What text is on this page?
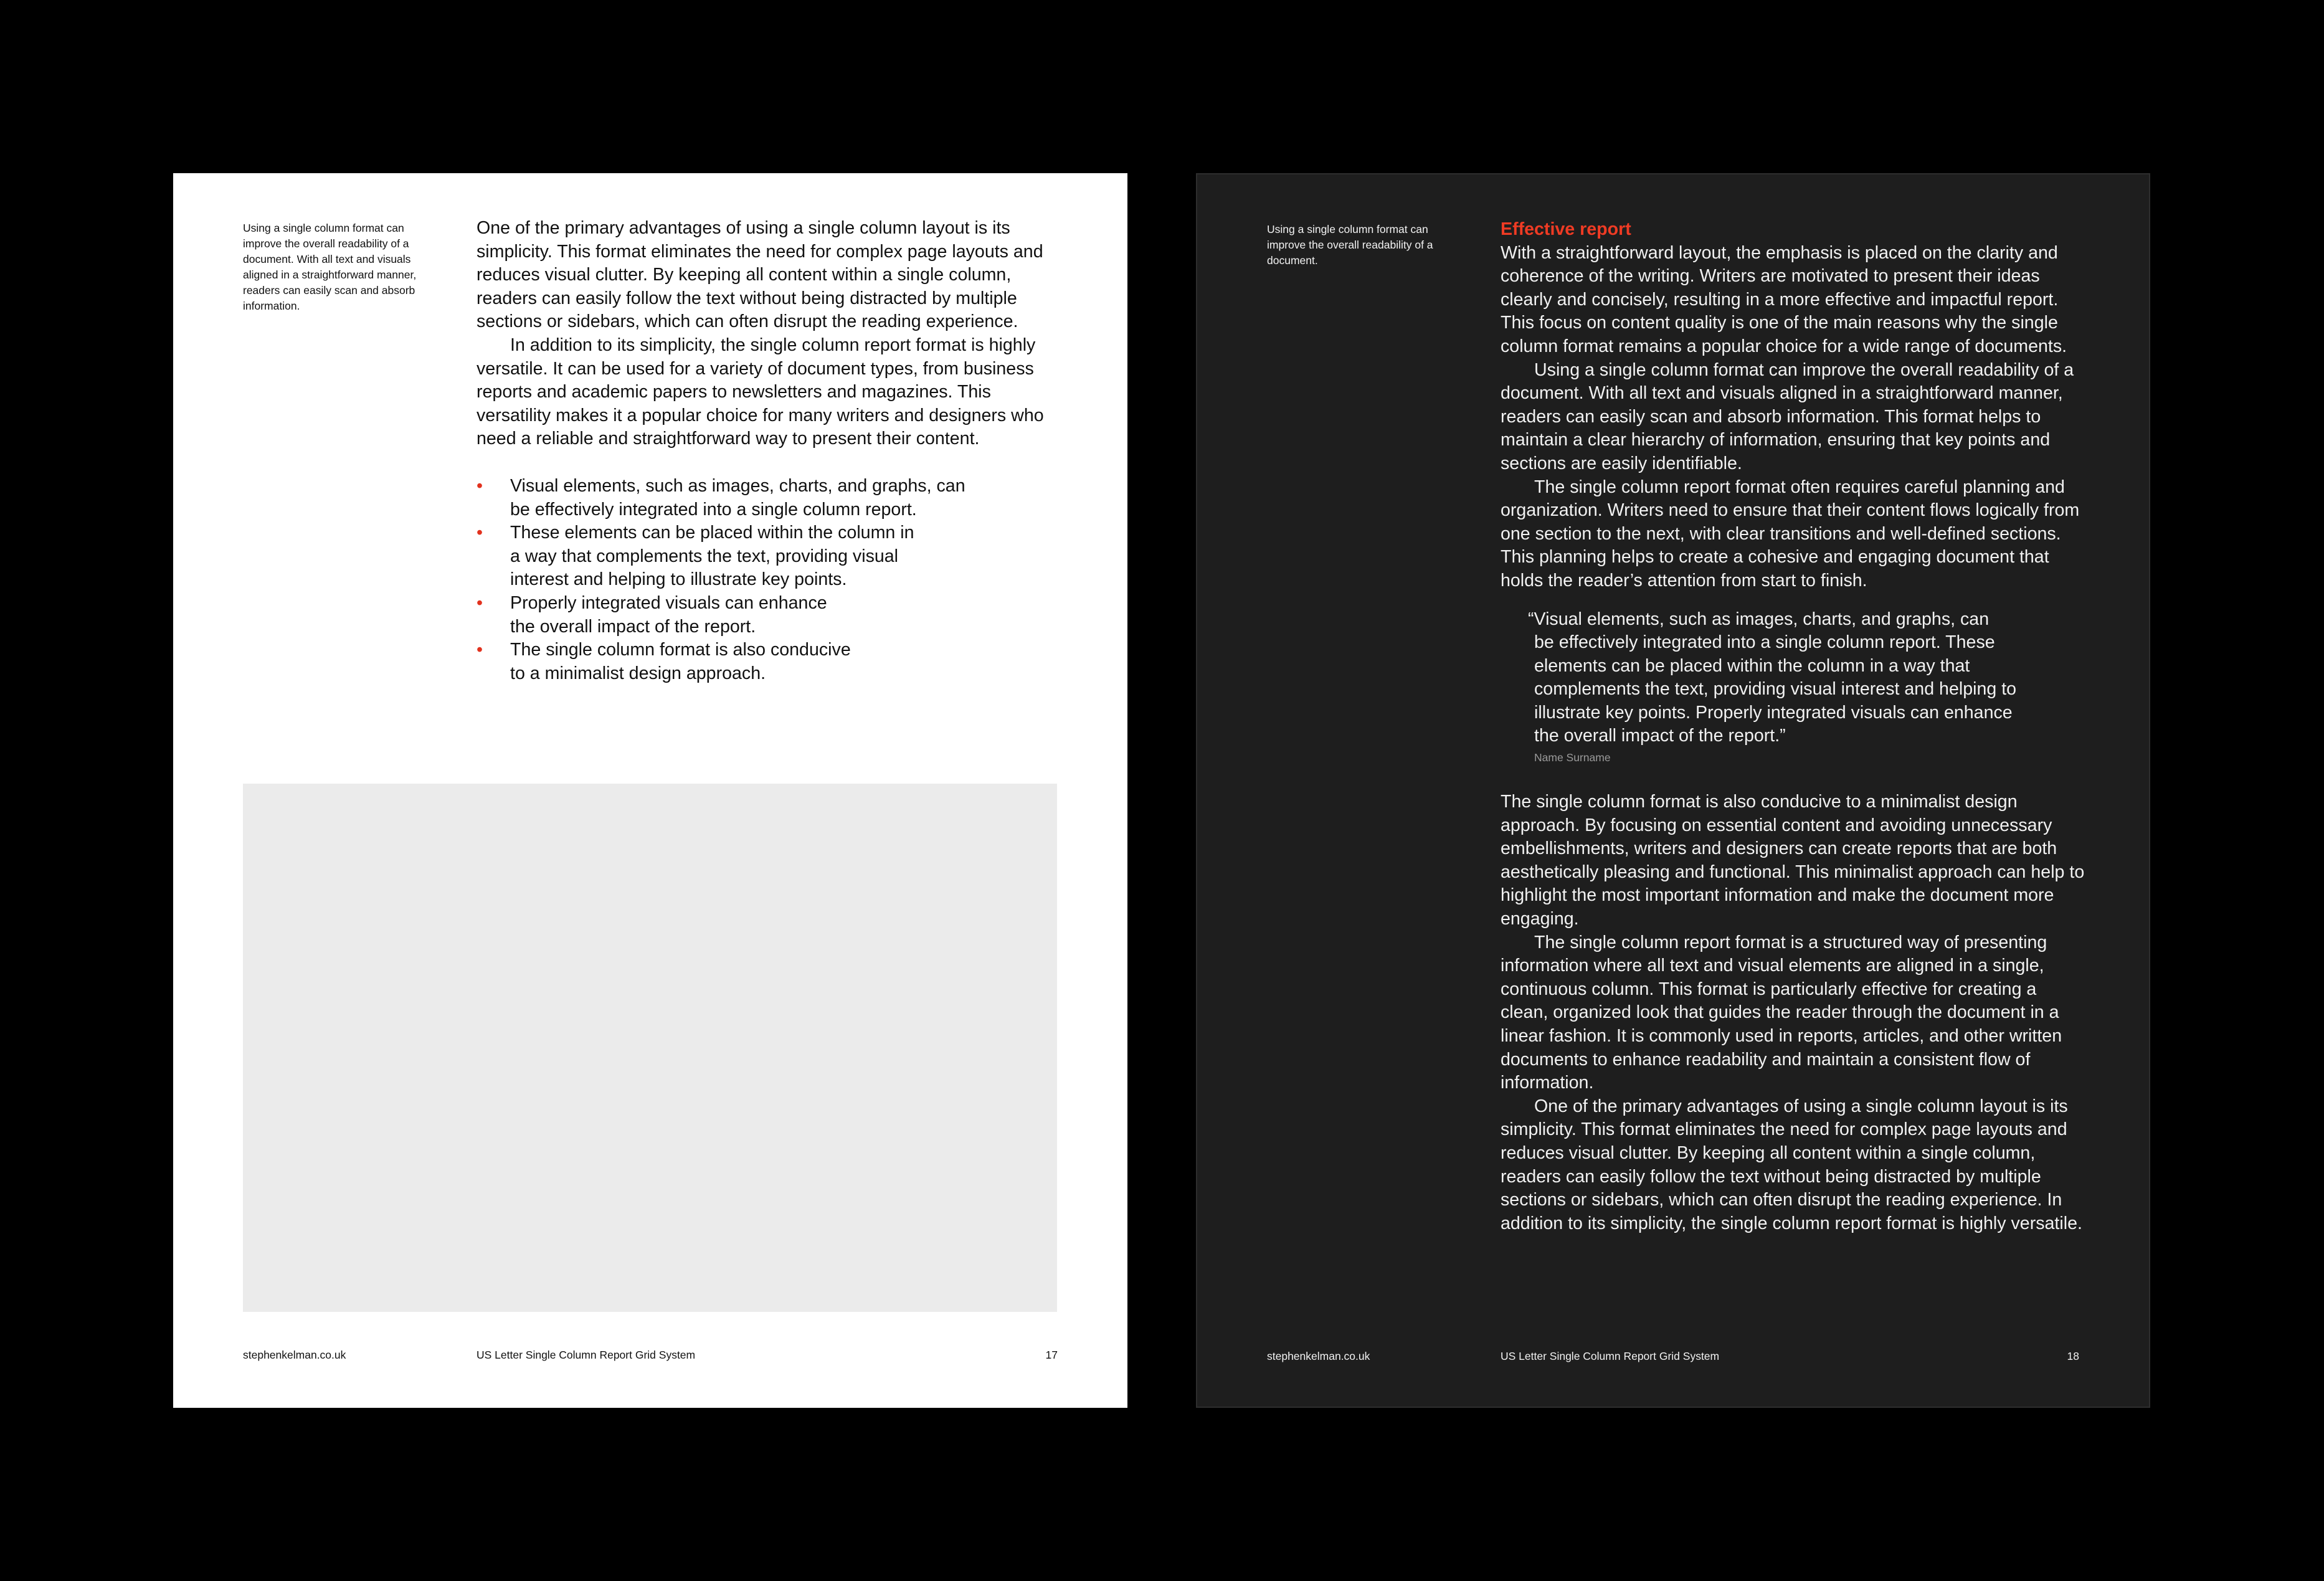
Using a single column format can improve the overall readability of a document. With all text and visuals aligned in a straightforward manner, readers can easily scan and absorb information.

One of the primary advantages of using a single column layout is its simplicity. This format eliminates the need for complex page layouts and reduces visual clutter. By keeping all content within a single column, readers can easily follow the text without being distracted by multiple sections or sidebars, which can often disrupt the reading experience.

In addition to its simplicity, the single column report format is highly versatile. It can be used for a variety of document types, from business reports and academic papers to newsletters and magazines. This versatility makes it a popular choice for many writers and designers who need a reliable and straightforward way to present their content.

• Visual elements, such as images, charts, and graphs, can
be effectively integrated into a single column report.
• These elements can be placed within the column in
a way that complements the text, providing visual
interest and helping to illustrate key points.
• Properly integrated visuals can enhance
the overall impact of the report.
• The single column format is also conducive
to a minimalist design approach.
stephenkelman.co.uk	US Letter Single Column Report Grid System	17
Using a single column format can improve the overall readability of a document.
Effective report

With a straightforward layout, the emphasis is placed on the clarity and coherence of the writing. Writers are motivated to present their ideas clearly and concisely, resulting in a more effective and impactful report. This focus on content quality is one of the main reasons why the single column format remains a popular choice for a wide range of documents.

Using a single column format can improve the overall readability of a document. With all text and visuals aligned in a straightforward manner, readers can easily scan and absorb information. This format helps to maintain a clear hierarchy of information, ensuring that key points and sections are easily identifiable.

The single column report format often requires careful planning and organization. Writers need to ensure that their content flows logically from one section to the next, with clear transitions and well-defined sections. This planning helps to create a cohesive and engaging document that holds the reader’s attention from start to finish.

“Visual elements, such as images, charts, and graphs, can
be effectively integrated into a single column report. These
elements can be placed within the column in a way that
complements the text, providing visual interest and helping to
illustrate key points. Properly integrated visuals can enhance
the overall impact of the report.”
Name Surname

The single column format is also conducive to a minimalist design approach. By focusing on essential content and avoiding unnecessary embellishments, writers and designers can create reports that are both aesthetically pleasing and functional. This minimalist approach can help to highlight the most important information and make the document more engaging.

The single column report format is a structured way of presenting information where all text and visual elements are aligned in a single, continuous column. This format is particularly effective for creating a clean, organized look that guides the reader through the document in a linear fashion. It is commonly used in reports, articles, and other written documents to enhance readability and maintain a consistent flow of information.

One of the primary advantages of using a single column layout is its simplicity. This format eliminates the need for complex page layouts and reduces visual clutter. By keeping all content within a single column, readers can easily follow the text without being distracted by multiple sections or sidebars, which can often disrupt the reading experience. In addition to its simplicity, the single column report format is highly versatile.

stephenkelman.co.uk	US Letter Single Column Report Grid System	18
